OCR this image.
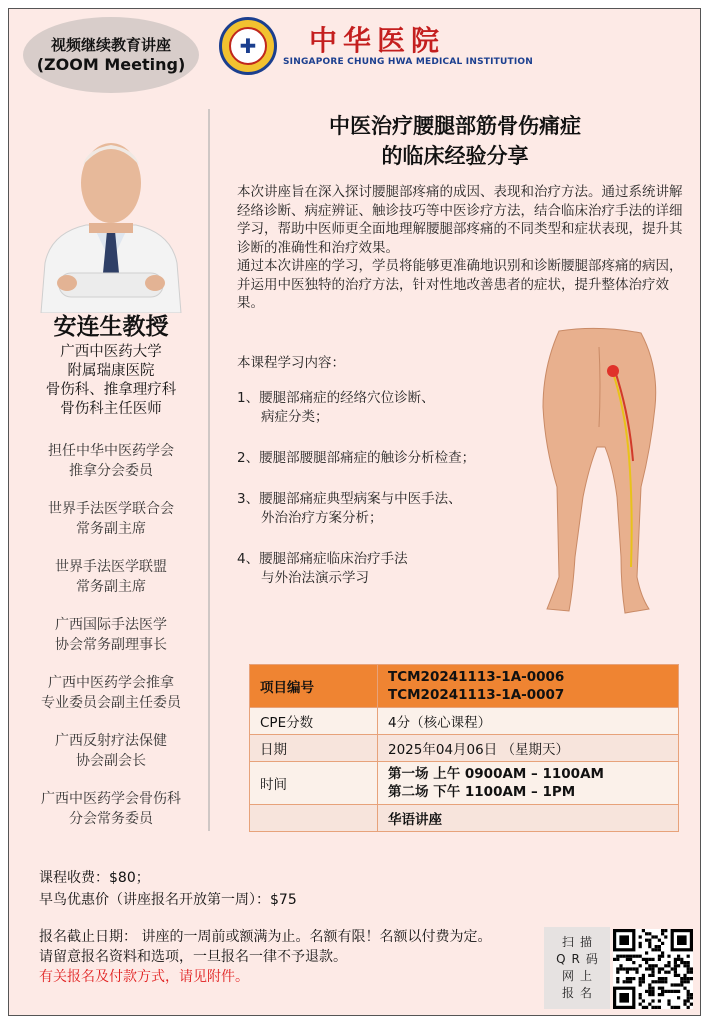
视频继续教育讲座
(ZOOM Meeting)
✚ 中华医院
SINGAPORE CHUNG HWA MEDICAL INSTITUTION
安连生教授
广西中医药大学
附属瑞康医院
骨伤科、推拿理疗科
骨伤科主任医师
担任中华中医药学会
推拿分会委员
世界手法医学联合会
常务副主席
世界手法医学联盟
常务副主席
广西国际手法医学
协会常务副理事长
广西中医药学会推拿
专业委员会副主任委员
广西反射疗法保健
协会副会长
广西中医药学会骨伤科
分会常务委员
中医治疗腰腿部筋骨伤痛症
的临床经验分享

本次讲座旨在深入探讨腰腿部疼痛的成因、表现和治疗方法。通过系统讲解经络诊断、病症辨证、触诊技巧等中医诊疗方法，结合临床治疗手法的详细学习，帮助中医师更全面地理解腰腿部疼痛的不同类型和症状表现，提升其诊断的准确性和治疗效果。

通过本次讲座的学习，学员将能够更准确地识别和诊断腰腿部疼痛的病因，并运用中医独特的治疗方法，针对性地改善患者的症状，提升整体治疗效果。

本课程学习内容：
1、腰腿部痛症的经络穴位诊断、
病症分类；
2、腰腿部腰腿部痛症的触诊分析检查；
3、腰腿部痛症典型病案与中医手法、
外治治疗方案分析；
4、腰腿部痛症临床治疗手法
与外治法演示学习
项目编号	TCM20241113-1A-0006
TCM20241113-1A-0007

CPE分数	4分（核心课程）
日期	2025年04月06日 （星期天）
时间	第一场 上午 0900AM – 1100AM
第二场 下午 1100AM – 1PM

	华语讲座
课程收费：$80；
早鸟优惠价（讲座报名开放第一周）：$75
报名截止日期： 讲座的一周前或额满为止。名额有限！名额以付费为定。
请留意报名资料和选项，一旦报名一律不予退款。
有关报名及付款方式，请见附件。
扫描
QR码
网上
报名
